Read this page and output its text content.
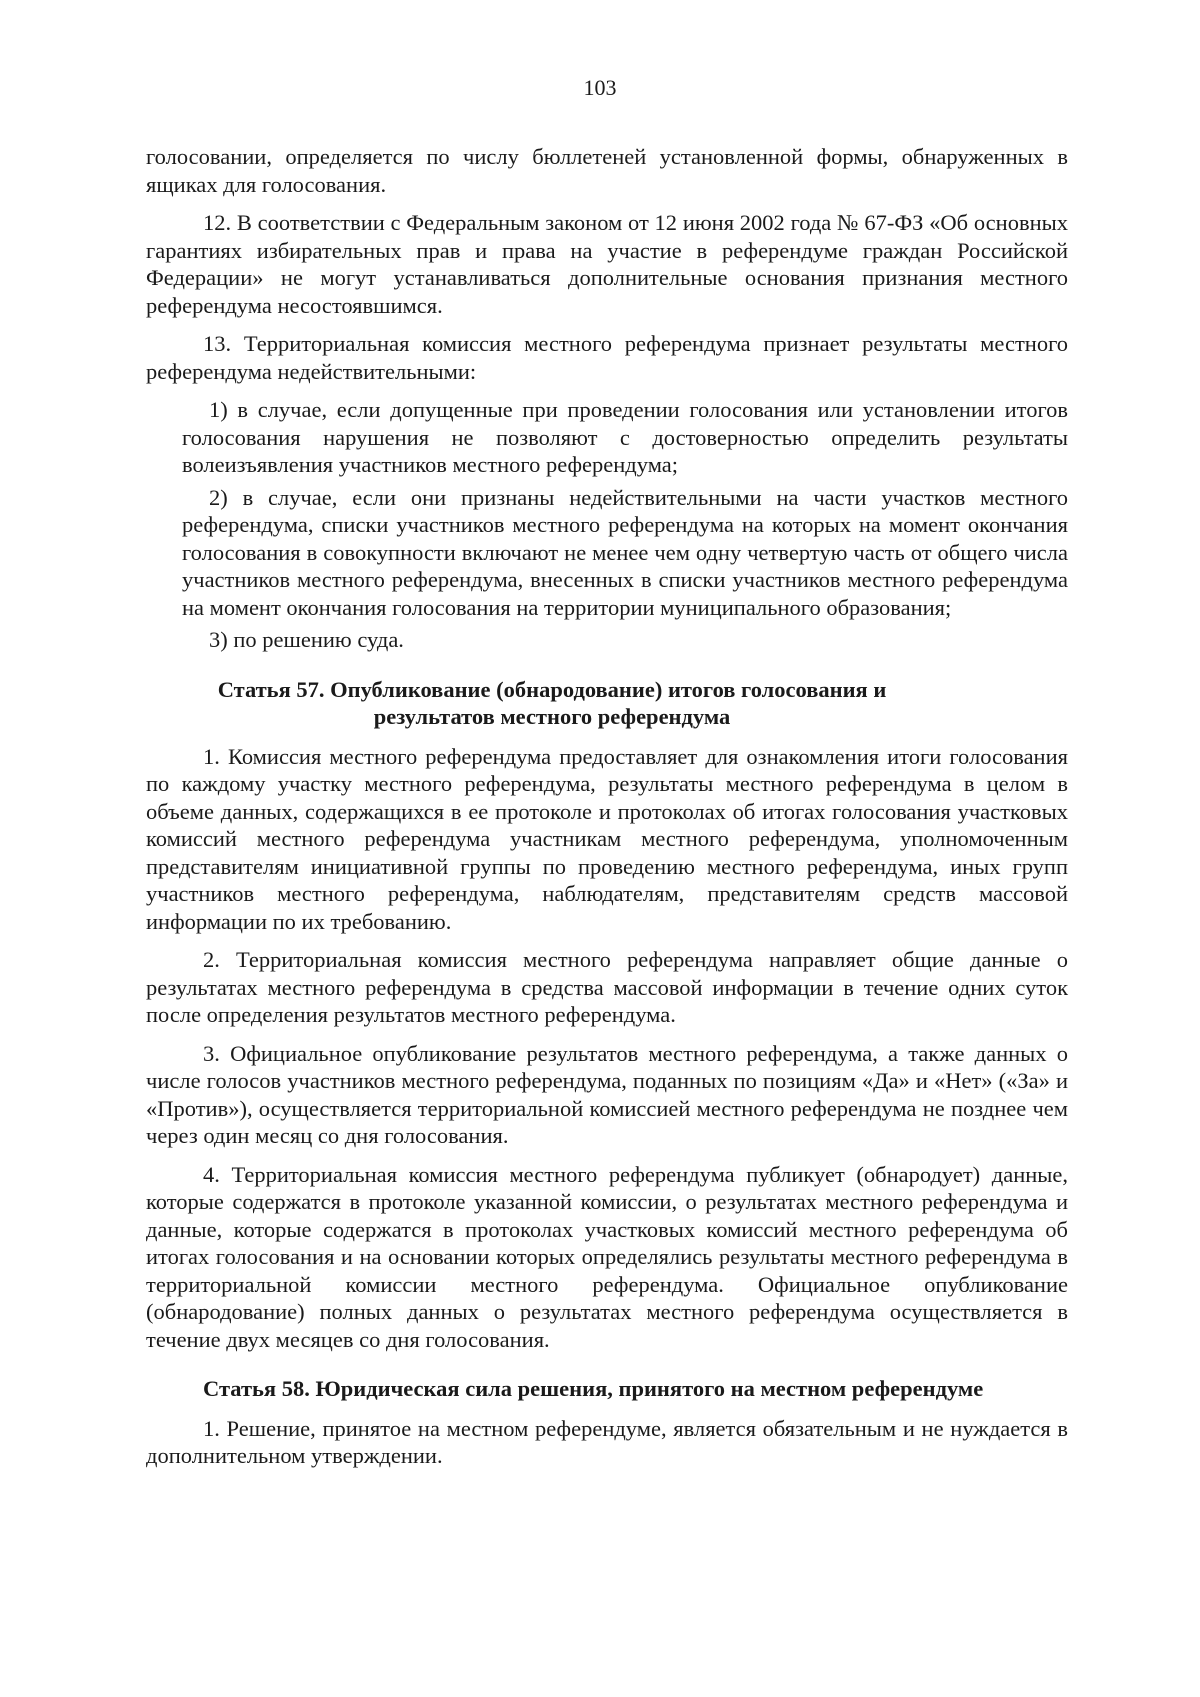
103

голосовании, определяется по числу бюллетеней установленной формы, обнаруженных в ящиках для голосования.

12. В соответствии с Федеральным законом от 12 июня 2002 года № 67-ФЗ «Об основных гарантиях избирательных прав и права на участие в референдуме граждан Российской Федерации» не могут устанавливаться дополнительные основания признания местного референдума несостоявшимся.

13. Территориальная комиссия местного референдума признает результаты местного референдума недействительными:

1) в случае, если допущенные при проведении голосования или установлении итогов голосования нарушения не позволяют с достоверностью определить результаты волеизъявления участников местного референдума;

2) в случае, если они признаны недействительными на части участков местного референдума, списки участников местного референдума на которых на момент окончания голосования в совокупности включают не менее чем одну четвертую часть от общего числа участников местного референдума, внесенных в списки участников местного референдума на момент окончания голосования на территории муниципального образования;

3) по решению суда.

Статья 57. Опубликование (обнародование) итогов голосования и
результатов местного референдума

1. Комиссия местного референдума предоставляет для ознакомления итоги голосования по каждому участку местного референдума, результаты местного референдума в целом в объеме данных, содержащихся в ее протоколе и протоколах об итогах голосования участковых комиссий местного референдума участникам местного референдума, уполномоченным представителям инициативной группы по проведению местного референдума, иных групп участников местного референдума, наблюдателям, представителям средств массовой информации по их требованию.

2. Территориальная комиссия местного референдума направляет общие данные о результатах местного референдума в средства массовой информации в течение одних суток после определения результатов местного референдума.

3. Официальное опубликование результатов местного референдума, а также данных о числе голосов участников местного референдума, поданных по позициям «Да» и «Нет» («За» и «Против»), осуществляется территориальной комиссией местного референдума не позднее чем через один месяц со дня голосования.

4. Территориальная комиссия местного референдума публикует (обнародует) данные, которые содержатся в протоколе указанной комиссии, о результатах местного референдума и данные, которые содержатся в протоколах участковых комиссий местного референдума об итогах голосования и на основании которых определялись результаты местного референдума в территориальной комиссии местного референдума. Официальное опубликование (обнародование) полных данных о результатах местного референдума осуществляется в течение двух месяцев со дня голосования.

Статья 58. Юридическая сила решения, принятого на местном референдуме

1. Решение, принятое на местном референдуме, является обязательным и не нуждается в дополнительном утверждении.
